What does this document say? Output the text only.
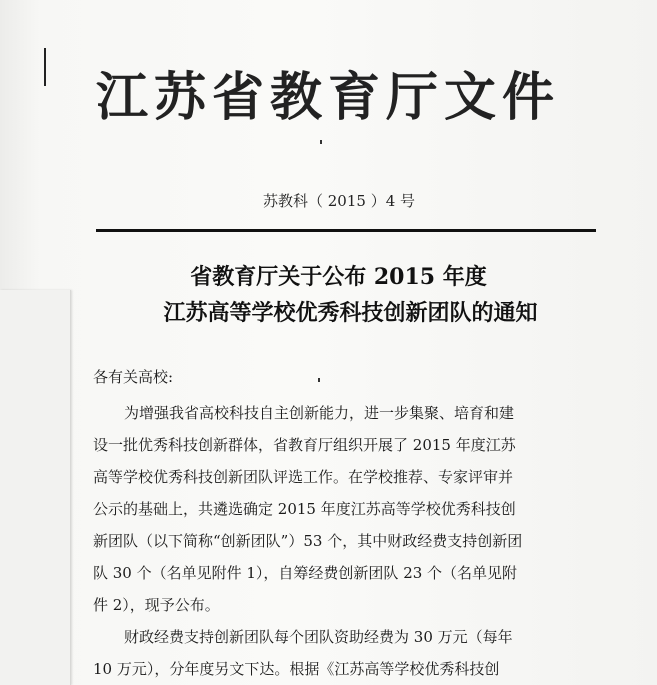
江苏省教育厅文件
苏教科（ 2015 ）4 号
省教育厅关于公布 2015 年度
江苏高等学校优秀科技创新团队的通知
各有关高校:
为增强我省高校科技自主创新能力，进一步集聚、培育和建
设一批优秀科技创新群体，省教育厅组织开展了 2015 年度江苏
高等学校优秀科技创新团队评选工作。在学校推荐、专家评审并
公示的基础上，共遴选确定 2015 年度江苏高等学校优秀科技创
新团队（以下简称“创新团队”）53 个，其中财政经费支持创新团
队 30 个（名单见附件 1），自筹经费创新团队 23 个（名单见附
件 2），现予公布。
财政经费支持创新团队每个团队资助经费为 30 万元（每年
10 万元），分年度另文下达。根据《江苏高等学校优秀科技创
